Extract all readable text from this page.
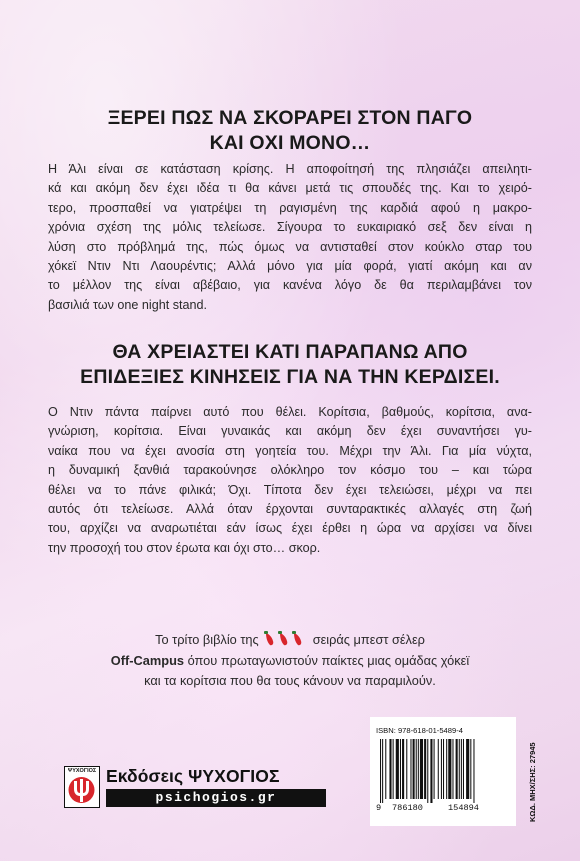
ΞΕΡΕΙ ΠΩΣ ΝΑ ΣΚΟΡΑΡΕΙ ΣΤΟΝ ΠΑΓΟ
ΚΑΙ ΟΧΙ ΜΟΝΟ…
Η Άλι είναι σε κατάσταση κρίσης. Η αποφοίτησή της πλησιάζει απειλητι-
κά και ακόμη δεν έχει ιδέα τι θα κάνει μετά τις σπουδές της. Και το χειρό-
τερο, προσπαθεί να γιατρέψει τη ραγισμένη της καρδιά αφού η μακρο-
χρόνια σχέση της μόλις τελείωσε. Σίγουρα το ευκαιριακό σεξ δεν είναι η
λύση στο πρόβλημά της, πώς όμως να αντισταθεί στον κούκλο σταρ του
χόκεϊ Ντιν Ντι Λαουρέντις; Αλλά μόνο για μία φορά, γιατί ακόμη και αν
το μέλλον της είναι αβέβαιο, για κανένα λόγο δε θα περιλαμβάνει τον
βασιλιά των one night stand.
ΘΑ ΧΡΕΙΑΣΤΕΙ ΚΑΤΙ ΠΑΡΑΠΑΝΩ ΑΠΟ
ΕΠΙΔΕΞΙΕΣ ΚΙΝΗΣΕΙΣ ΓΙΑ ΝΑ ΤΗΝ ΚΕΡΔΙΣΕΙ.
Ο Ντιν πάντα παίρνει αυτό που θέλει. Κορίτσια, βαθμούς, κορίτσια, ανα-
γνώριση, κορίτσια. Είναι γυναικάς και ακόμη δεν έχει συναντήσει γυ-
ναίκα που να έχει ανοσία στη γοητεία του. Μέχρι την Άλι. Για μία νύχτα,
η δυναμική ξανθιά ταρακούνησε ολόκληρο τον κόσμο του – και τώρα
θέλει να το πάνε φιλικά; Όχι. Τίποτα δεν έχει τελειώσει, μέχρι να πει
αυτός ότι τελείωσε. Αλλά όταν έρχονται συνταρακτικές αλλαγές στη ζωή
του, αρχίζει να αναρωτιέται εάν ίσως έχει έρθει η ώρα να αρχίσει να δίνει
την προσοχή του στον έρωτα και όχι στο… σκορ.
Το τρίτο βιβλίο της	σειράς μπεστ σέλερ
Off-Campus όπου πρωταγωνιστούν παίκτες μιας ομάδας χόκεϊ
και τα κορίτσια που θα τους κάνουν να παραμιλούν.
ΨΥΧΟΓΙΟΣ Εκδόσεις ΨΥΧΟΓΙΟΣ
psichogios.gr
ISBN: 978-618-01-5489-4
9 786180	154894	ΚΩΔ. ΜΗΧ/ΣΗΣ: 27945
